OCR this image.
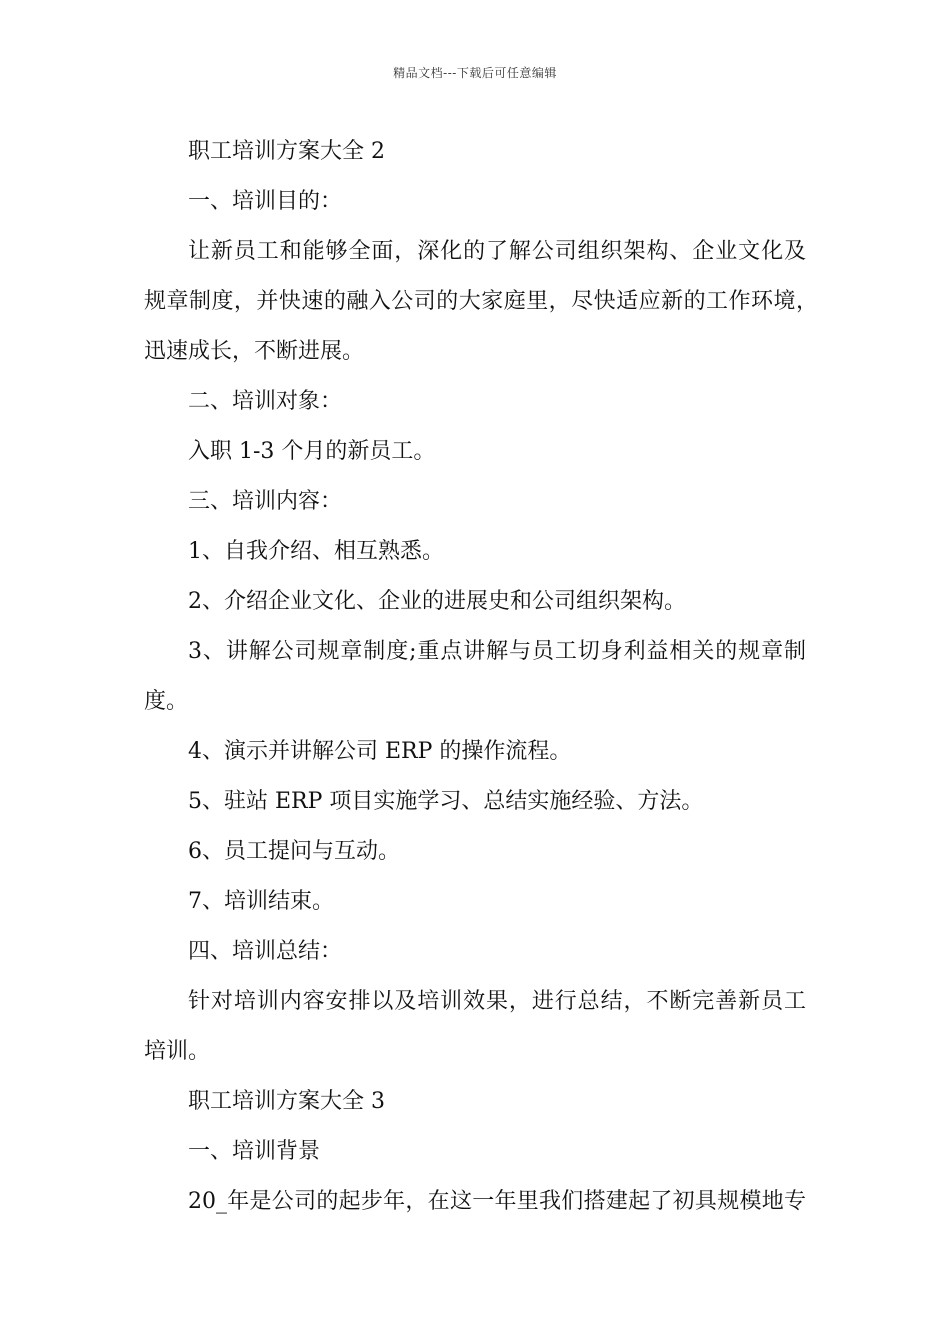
精品文档---下载后可任意编辑
职工培训方案大全 2
一、培训目的：
让新员工和能够全面，深化的了解公司组织架构、企业文化及
规章制度，并快速的融入公司的大家庭里，尽快适应新的工作环境，
迅速成长，不断进展。
二、培训对象：
入职 1-3 个月的新员工。
三、培训内容：
1、自我介绍、相互熟悉。
2、介绍企业文化、企业的进展史和公司组织架构。
3、讲解公司规章制度;重点讲解与员工切身利益相关的规章制
度。
4、演示并讲解公司 ERP 的操作流程。
5、驻站 ERP 项目实施学习、总结实施经验、方法。
6、员工提问与互动。
7、培训结束。
四、培训总结：
针对培训内容安排以及培训效果，进行总结，不断完善新员工
培训。
职工培训方案大全 3
一、培训背景
20_年是公司的起步年，在这一年里我们搭建起了初具规模地专
